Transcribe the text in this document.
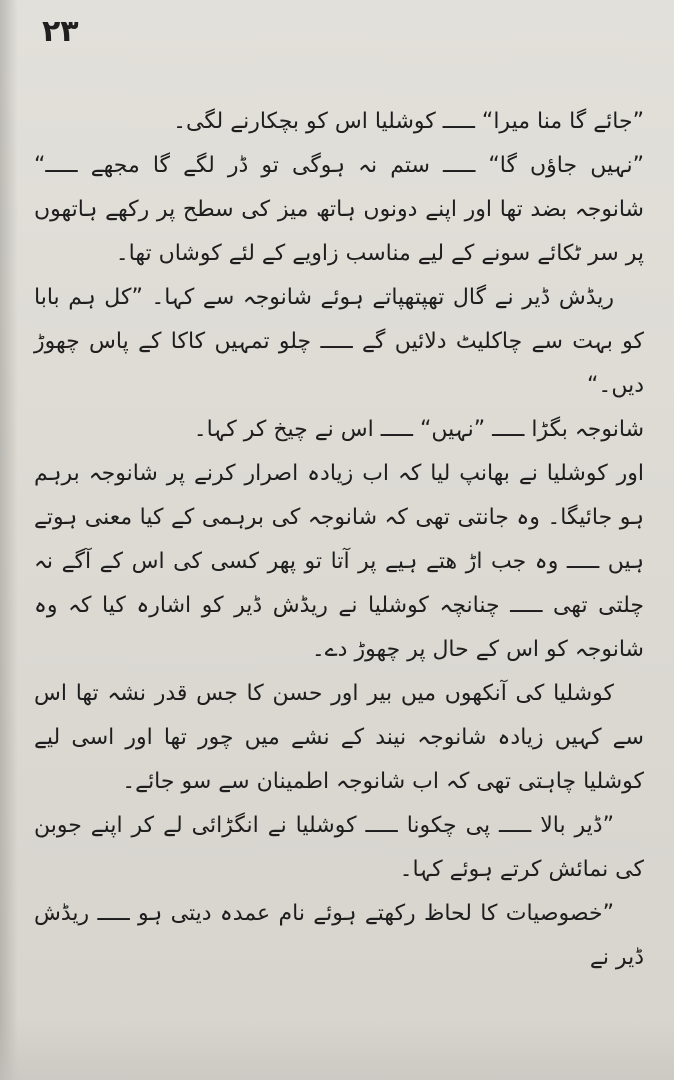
۲۳

”جائے گا منا میرا“ ـــــ کوشلیا اس کو بچکارنے لگی۔

”نہیں جاؤں گا“ ـــــ ستم نہ ہوگی تو ڈر لگے گا مجھے ـــــ“ شانوجہ بضد تھا اور اپنے دونوں ہاتھ میز کی سطح پر رکھے ہاتھوں پر سر ٹکائے سونے کے لیے مناسب زاویے کے لئے کوشاں تھا۔

ریڈش ڈیر نے گال تھپتھپاتے ہوئے شانوجہ سے کہا۔ ”کل ہم بابا کو بہت سے چاکلیٹ دلائیں گے ـــــ چلو تمہیں کاکا کے پاس چھوڑ دیں۔“

شانوجہ بگڑا ـــــ ”نہیں“ ـــــ اس نے چیخ کر کہا۔

اور کوشلیا نے بھانپ لیا کہ اب زیادہ اصرار کرنے پر شانوجہ برہم ہو جائیگا۔ وہ جانتی تھی کہ شانوجہ کی برہمی کے کیا معنی ہوتے ہیں ـــــ وہ جب اڑ ھتے ہیے پر آتا تو پھر کسی کی اس کے آگے نہ چلتی تھی ـــــ چنانچہ کوشلیا نے ریڈش ڈیر کو اشارہ کیا کہ وہ شانوجہ کو اس کے حال پر چھوڑ دے۔

کوشلیا کی آنکھوں میں بیر اور حسن کا جس قدر نشہ تھا اس سے کہیں زیادہ شانوجہ نیند کے نشے میں چور تھا اور اسی لیے کوشلیا چاہتی تھی کہ اب شانوجہ اطمینان سے سو جائے۔

”ڈیر بالا ـــــ پی چکونا ـــــ کوشلیا نے انگڑائی لے کر اپنے جوبن کی نمائش کرتے ہوئے کہا۔

”خصوصیات کا لحاظ رکھتے ہوئے نام عمدہ دیتی ہو ـــــ ریڈش ڈیر نے
